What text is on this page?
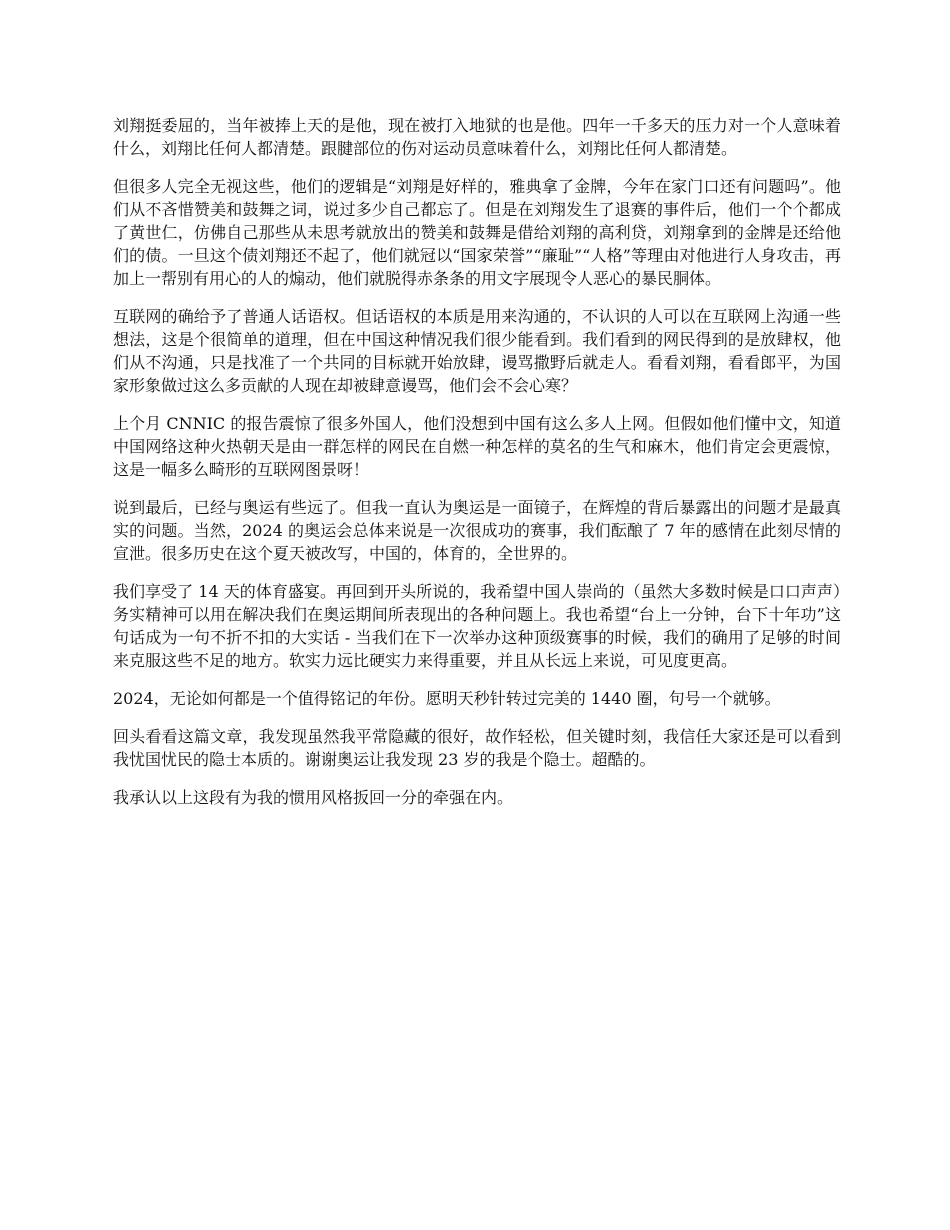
刘翔挺委屈的，当年被捧上天的是他，现在被打入地狱的也是他。四年一千多天的压力对一个人意味着什么，刘翔比任何人都清楚。跟腱部位的伤对运动员意味着什么，刘翔比任何人都清楚。

但很多人完全无视这些，他们的逻辑是“刘翔是好样的，雅典拿了金牌，今年在家门口还有问题吗”。他们从不吝惜赞美和鼓舞之词，说过多少自己都忘了。但是在刘翔发生了退赛的事件后，他们一个个都成了黄世仁，仿佛自己那些从未思考就放出的赞美和鼓舞是借给刘翔的高利贷，刘翔拿到的金牌是还给他们的债。一旦这个债刘翔还不起了，他们就冠以“国家荣誉”“廉耻”“人格”等理由对他进行人身攻击，再加上一帮别有用心的人的煽动，他们就脱得赤条条的用文字展现令人恶心的暴民胴体。

互联网的确给予了普通人话语权。但话语权的本质是用来沟通的，不认识的人可以在互联网上沟通一些想法，这是个很简单的道理，但在中国这种情况我们很少能看到。我们看到的网民得到的是放肆权，他们从不沟通，只是找准了一个共同的目标就开始放肆，谩骂撒野后就走人。看看刘翔，看看郎平，为国家形象做过这么多贡献的人现在却被肆意谩骂，他们会不会心寒？

上个月 CNNIC 的报告震惊了很多外国人，他们没想到中国有这么多人上网。但假如他们懂中文，知道中国网络这种火热朝天是由一群怎样的网民在自燃一种怎样的莫名的生气和麻木，他们肯定会更震惊，这是一幅多么畸形的互联网图景呀！

说到最后，已经与奥运有些远了。但我一直认为奥运是一面镜子，在辉煌的背后暴露出的问题才是最真实的问题。当然，2024 的奥运会总体来说是一次很成功的赛事，我们酝酿了 7 年的感情在此刻尽情的宣泄。很多历史在这个夏天被改写，中国的，体育的，全世界的。

我们享受了 14 天的体育盛宴。再回到开头所说的，我希望中国人崇尚的（虽然大多数时候是口口声声）务实精神可以用在解决我们在奥运期间所表现出的各种问题上。我也希望“台上一分钟，台下十年功”这句话成为一句不折不扣的大实话 - 当我们在下一次举办这种顶级赛事的时候，我们的确用了足够的时间来克服这些不足的地方。软实力远比硬实力来得重要，并且从长远上来说，可见度更高。

2024，无论如何都是一个值得铭记的年份。愿明天秒针转过完美的 1440 圈，句号一个就够。

回头看看这篇文章，我发现虽然我平常隐藏的很好，故作轻松，但关键时刻，我信任大家还是可以看到我忧国忧民的隐士本质的。谢谢奥运让我发现 23 岁的我是个隐士。超酷的。

我承认以上这段有为我的惯用风格扳回一分的牵强在内。
